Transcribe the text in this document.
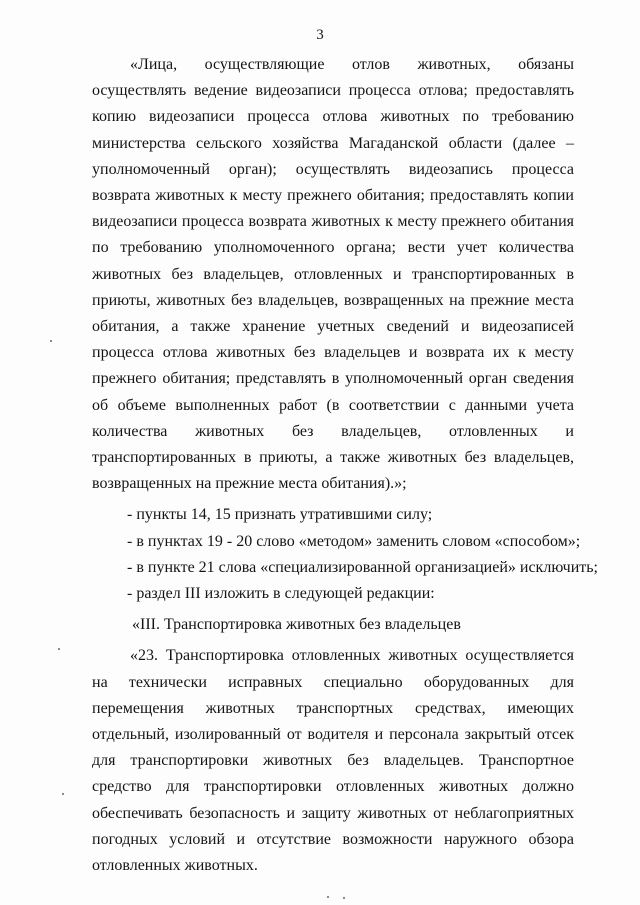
3

«Лица, осуществляющие отлов животных, обязаны осуществлять ведение видеозаписи процесса отлова; предоставлять копию видеозаписи процесса отлова животных по требованию министерства сельского хозяйства Магаданской области (далее – уполномоченный орган); осуществлять видеозапись процесса возврата животных к месту прежнего обитания; предоставлять копии видеозаписи процесса возврата животных к месту прежнего обитания по требованию уполномоченного органа; вести учет количества животных без владельцев, отловленных и транспортированных в приюты, животных без владельцев, возвращенных на прежние места обитания, а также хранение учетных сведений и видеозаписей процесса отлова животных без владельцев и возврата их к месту прежнего обитания; представлять в уполномоченный орган сведения об объеме выполненных работ (в соответствии с данными учета количества животных без владельцев, отловленных и транспортированных в приюты, а также животных без владельцев, возвращенных на прежние места обитания).»;

- пункты 14, 15 признать утратившими силу;

- в пунктах 19 - 20 слово «методом» заменить словом «способом»;

- в пункте 21 слова «специализированной организацией» исключить;

- раздел III изложить в следующей редакции:

«III. Транспортировка животных без владельцев

«23. Транспортировка отловленных животных осуществляется на технически исправных специально оборудованных для перемещения животных транспортных средствах, имеющих отдельный, изолированный от водителя и персонала закрытый отсек для транспортировки животных без владельцев. Транспортное средство для транспортировки отловленных животных должно обеспечивать безопасность и защиту животных от неблагоприятных погодных условий и отсутствие возможности наружного обзора отловленных животных.
